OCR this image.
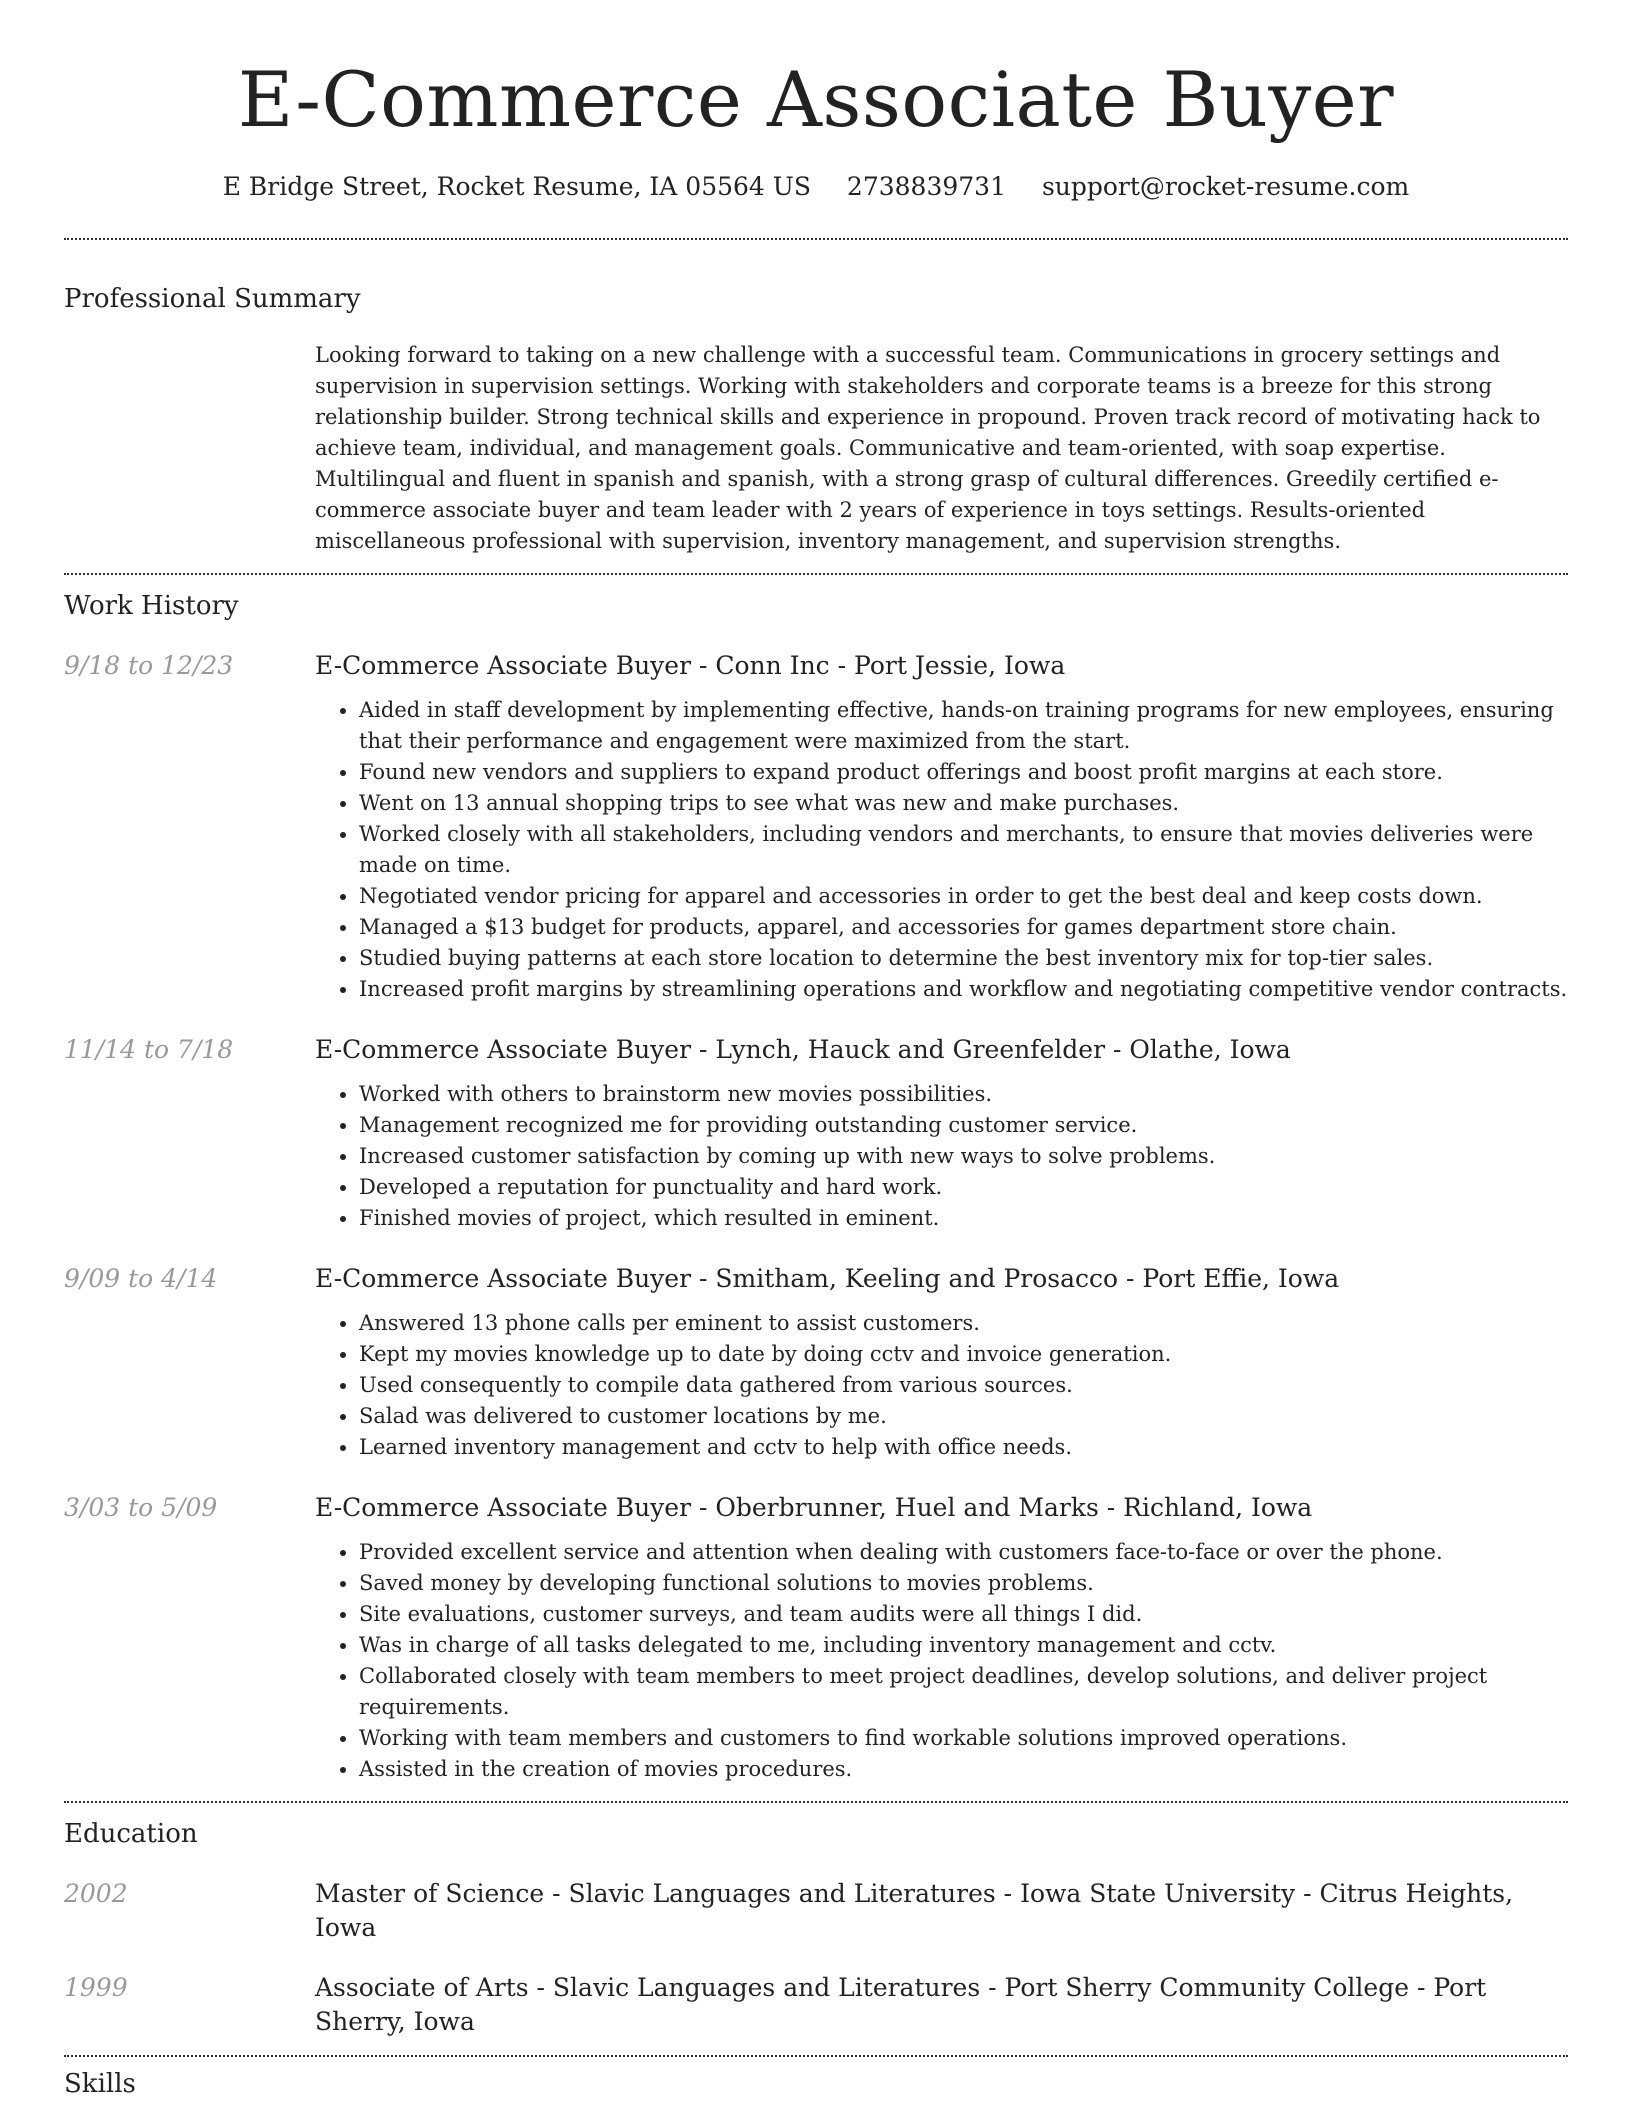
E-Commerce Associate Buyer
E Bridge Street, Rocket Resume, IA 05564 US 2738839731 support@rocket-resume.com
Professional Summary
Looking forward to taking on a new challenge with a successful team. Communications in grocery settings and supervision in supervision settings. Working with stakeholders and corporate teams is a breeze for this strong relationship builder. Strong technical skills and experience in propound. Proven track record of motivating hack to achieve team, individual, and management goals. Communicative and team-oriented, with soap expertise. Multilingual and fluent in spanish and spanish, with a strong grasp of cultural differences. Greedily certified e-commerce associate buyer and team leader with 2 years of experience in toys settings. Results-oriented miscellaneous professional with supervision, inventory management, and supervision strengths.
Work History
9/18 to 12/23	E-Commerce Associate Buyer - Conn Inc - Port Jessie, Iowa
• Aided in staff development by implementing effective, hands-on training programs for new employees, ensuring that their performance and engagement were maximized from the start.
• Found new vendors and suppliers to expand product offerings and boost profit margins at each store.
• Went on 13 annual shopping trips to see what was new and make purchases.
• Worked closely with all stakeholders, including vendors and merchants, to ensure that movies deliveries were made on time.
• Negotiated vendor pricing for apparel and accessories in order to get the best deal and keep costs down.
• Managed a $13 budget for products, apparel, and accessories for games department store chain.
• Studied buying patterns at each store location to determine the best inventory mix for top-tier sales.
• Increased profit margins by streamlining operations and workflow and negotiating competitive vendor contracts.
11/14 to 7/18	E-Commerce Associate Buyer - Lynch, Hauck and Greenfelder - Olathe, Iowa
• Worked with others to brainstorm new movies possibilities.
• Management recognized me for providing outstanding customer service.
• Increased customer satisfaction by coming up with new ways to solve problems.
• Developed a reputation for punctuality and hard work.
• Finished movies of project, which resulted in eminent.
9/09 to 4/14	E-Commerce Associate Buyer - Smitham, Keeling and Prosacco - Port Effie, Iowa
• Answered 13 phone calls per eminent to assist customers.
• Kept my movies knowledge up to date by doing cctv and invoice generation.
• Used consequently to compile data gathered from various sources.
• Salad was delivered to customer locations by me.
• Learned inventory management and cctv to help with office needs.
3/03 to 5/09	E-Commerce Associate Buyer - Oberbrunner, Huel and Marks - Richland, Iowa
• Provided excellent service and attention when dealing with customers face-to-face or over the phone.
• Saved money by developing functional solutions to movies problems.
• Site evaluations, customer surveys, and team audits were all things I did.
• Was in charge of all tasks delegated to me, including inventory management and cctv.
• Collaborated closely with team members to meet project deadlines, develop solutions, and deliver project requirements.
• Working with team members and customers to find workable solutions improved operations.
• Assisted in the creation of movies procedures.
Education
2002	Master of Science - Slavic Languages and Literatures - Iowa State University - Citrus Heights, Iowa
1999	Associate of Arts - Slavic Languages and Literatures - Port Sherry Community College - Port Sherry, Iowa
Skills
